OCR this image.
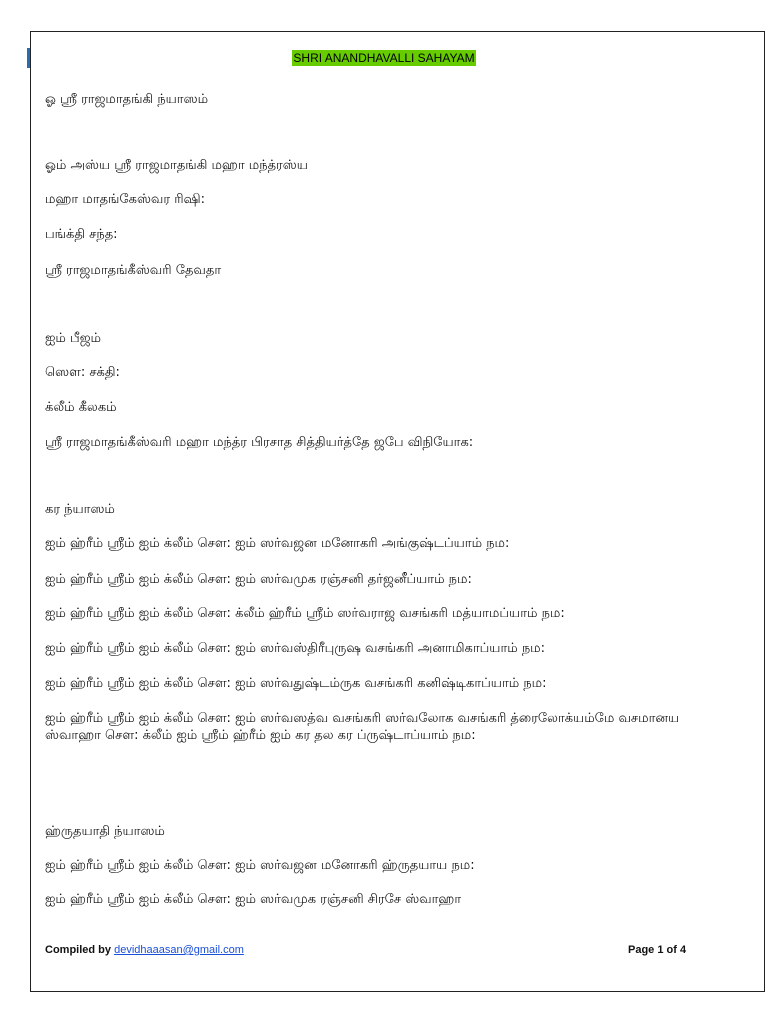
SHRI ANANDHAVALLI SAHAYAM
ஓ ஶ்ரீ ராஜமாதங்கி ந்யாஸம்
ஓம் அஸ்ய ஶ்ரீ ராஜமாதங்கி மஹா மந்த்ரஸ்ய
மஹா மாதங்கேஸ்வர ரிஷி:
பங்க்தி சந்த:
ஶ்ரீ ராஜமாதங்கீஸ்வரி தேவதா
ஐம் பீஜம்
ஸௌ: சக்தி:
க்லீம் கீலகம்
ஶ்ரீ ராஜமாதங்கீஸ்வரி மஹா மந்த்ர பிரசாத சித்தியர்த்தே ஜபே விநியோக:
கர ந்யாஸம்
ஐம் ஹ்ரீம் ஶ்ரீம் ஐம் க்லீம் சௌ: ஐம் ஸர்வஜன மனோகரி அங்குஷ்டப்யாம் நம:
ஐம் ஹ்ரீம் ஶ்ரீம் ஐம் க்லீம் சௌ: ஐம் ஸர்வமுக ரஞ்சனி தர்ஜனீப்யாம் நம:
ஐம் ஹ்ரீம் ஶ்ரீம் ஐம் க்லீம் சௌ: க்லீம் ஹ்ரீம் ஶ்ரீம் ஸர்வராஜ வசங்கரி மத்யாமப்யாம் நம:
ஐம் ஹ்ரீம் ஶ்ரீம் ஐம் க்லீம் சௌ: ஐம் ஸர்வஸ்திரீபுருஷ வசங்கரி அனாமிகாப்யாம் நம:
ஐம் ஹ்ரீம் ஶ்ரீம் ஐம் க்லீம் சௌ: ஐம் ஸர்வதுஷ்டம்ருக வசங்கரி கனிஷ்டிகாப்யாம் நம:
ஐம் ஹ்ரீம் ஶ்ரீம் ஐம் க்லீம் சௌ: ஐம் ஸர்வஸத்வ வசங்கரி ஸர்வலோக வசங்கரி த்ரைலோக்யம்மே வசமானய ஸ்வாஹா சௌ: க்லீம் ஐம் ஶ்ரீம் ஹ்ரீம் ஐம் கர தல கர ப்ருஷ்டாப்யாம் நம:
ஹ்ருதயாதி ந்யாஸம்
ஐம் ஹ்ரீம் ஶ்ரீம் ஐம் க்லீம் சௌ: ஐம் ஸர்வஜன மனோகரி ஹ்ருதயாய நம:
ஐம் ஹ்ரீம் ஶ்ரீம் ஐம் க்லீம் சௌ: ஐம் ஸர்வமுக ரஞ்சனி சிரசே ஸ்வாஹா
Compiled by devidhaaasan@gmail.com	Page 1 of 4
